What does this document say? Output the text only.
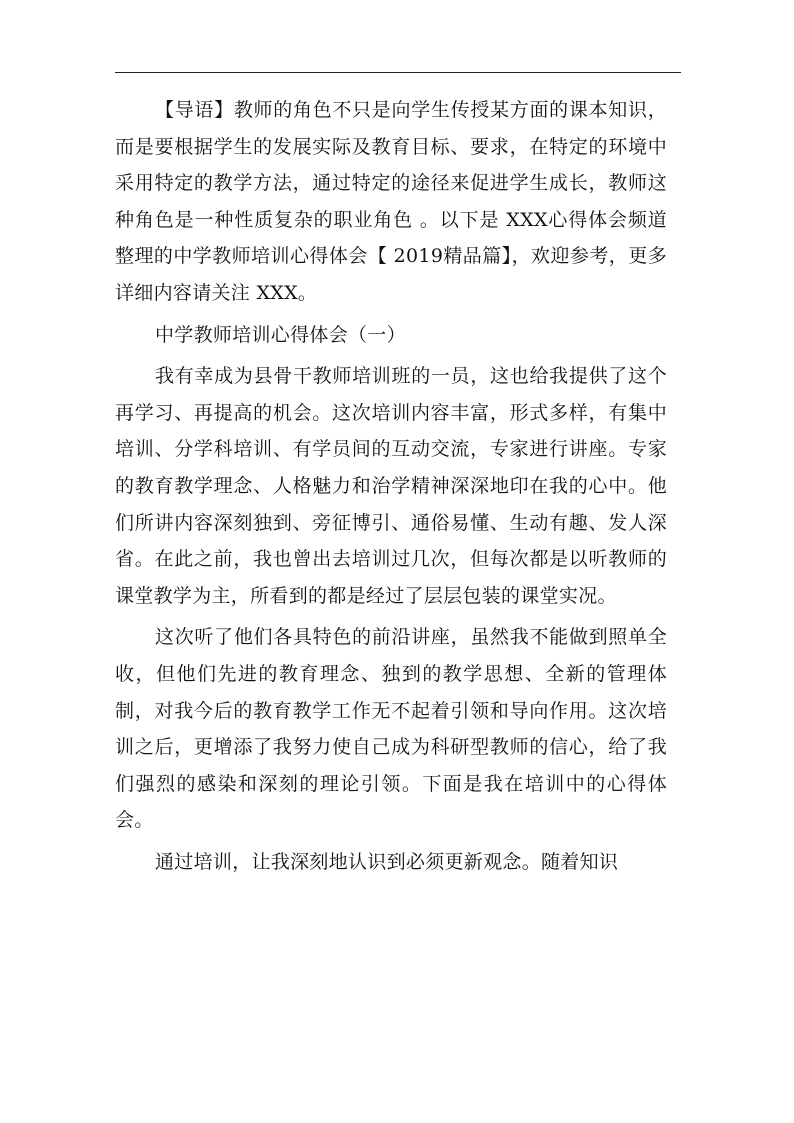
【导语】教师的角色不只是向学生传授某方面的课本知识，而是要根据学生的发展实际及教育目标、要求，在特定的环境中采用特定的教学方法，通过特定的途径来促进学生成长，教师这种角色是一种性质复杂的职业角色 。以下是 XXX心得体会频道整理的中学教师培训心得体会【 2019精品篇】，欢迎参考，更多详细内容请关注 XXX。

中学教师培训心得体会（一）

我有幸成为县骨干教师培训班的一员，这也给我提供了这个再学习、再提高的机会。这次培训内容丰富，形式多样，有集中培训、分学科培训、有学员间的互动交流，专家进行讲座。专家的教育教学理念、人格魅力和治学精神深深地印在我的心中。他们所讲内容深刻独到、旁征博引、通俗易懂、生动有趣、发人深省。在此之前，我也曾出去培训过几次，但每次都是以听教师的课堂教学为主，所看到的都是经过了层层包装的课堂实况。

这次听了他们各具特色的前沿讲座，虽然我不能做到照单全收，但他们先进的教育理念、独到的教学思想、全新的管理体制，对我今后的教育教学工作无不起着引领和导向作用。这次培训之后，更增添了我努力使自己成为科研型教师的信心，给了我们强烈的感染和深刻的理论引领。下面是我在培训中的心得体会。

通过培训，让我深刻地认识到必须更新观念。随着知识
